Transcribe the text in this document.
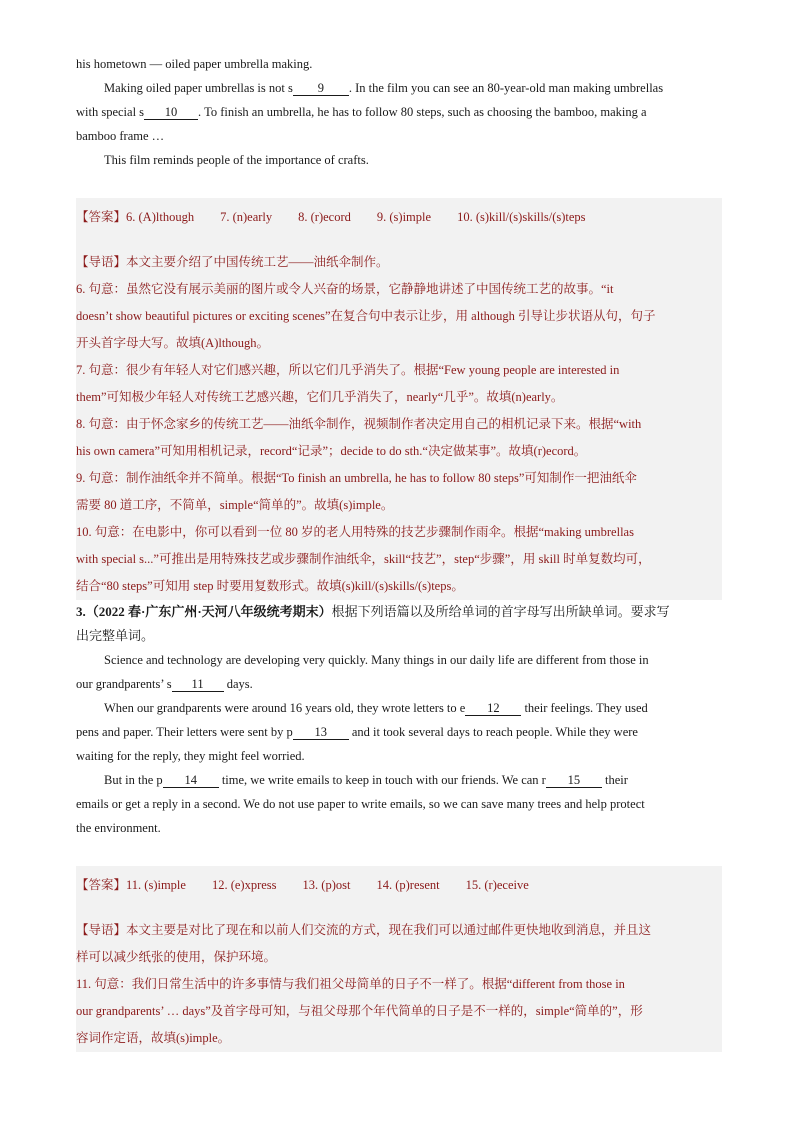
his hometown — oiled paper umbrella making.

Making oiled paper umbrellas is not s 9 . In the film you can see an 80-year-old man making umbrellas

with special s 10 . To finish an umbrella, he has to follow 80 steps, such as choosing the bamboo, making a

bamboo frame …

This film reminds people of the importance of crafts.

【答案】6. (A)lthough 7. (n)early 8. (r)ecord 9. (s)imple 10. (s)kill/(s)skills/(s)teps

【导语】本文主要介绍了中国传统工艺——油纸伞制作。

6. 句意：虽然它没有展示美丽的图片或令人兴奋的场景，它静静地讲述了中国传统工艺的故事。“it

doesn’t show beautiful pictures or exciting scenes”在复合句中表示让步，用 although 引导让步状语从句，句子

开头首字母大写。故填(A)lthough。

7. 句意：很少有年轻人对它们感兴趣，所以它们几乎消失了。根据“Few young people are interested in

them”可知极少年轻人对传统工艺感兴趣，它们几乎消失了，nearly“几乎”。故填(n)early。

8. 句意：由于怀念家乡的传统工艺——油纸伞制作，视频制作者决定用自己的相机记录下来。根据“with

his own camera”可知用相机记录，record“记录”；decide to do sth.“决定做某事”。故填(r)ecord。

9. 句意：制作油纸伞并不简单。根据“To finish an umbrella, he has to follow 80 steps”可知制作一把油纸伞

需要 80 道工序，不简单，simple“简单的”。故填(s)imple。

10. 句意：在电影中，你可以看到一位 80 岁的老人用特殊的技艺步骤制作雨伞。根据“making umbrellas

with special s...”可推出是用特殊技艺或步骤制作油纸伞，skill“技艺”，step“步骤”，用 skill 时单复数均可，

结合“80 steps”可知用 step 时要用复数形式。故填(s)kill/(s)skills/(s)teps。

3.（2022 春·广东广州·天河八年级统考期末）根据下列语篇以及所给单词的首字母写出所缺单词。要求写

出完整单词。

Science and technology are developing very quickly. Many things in our daily life are different from those in

our grandparents’ s 11 days.

When our grandparents were around 16 years old, they wrote letters to e 12 their feelings. They used

pens and paper. Their letters were sent by p 13 and it took several days to reach people. While they were

waiting for the reply, they might feel worried.

But in the p 14 time, we write emails to keep in touch with our friends. We can r 15 their

emails or get a reply in a second. We do not use paper to write emails, so we can save many trees and help protect

the environment.

【答案】11. (s)imple 12. (e)xpress 13. (p)ost 14. (p)resent 15. (r)eceive

【导语】本文主要是对比了现在和以前人们交流的方式，现在我们可以通过邮件更快地收到消息，并且这

样可以减少纸张的使用，保护环境。

11. 句意：我们日常生活中的许多事情与我们祖父母简单的日子不一样了。根据“different from those in

our grandparents’ … days”及首字母可知，与祖父母那个年代简单的日子是不一样的，simple“简单的”，形

容词作定语，故填(s)imple。
